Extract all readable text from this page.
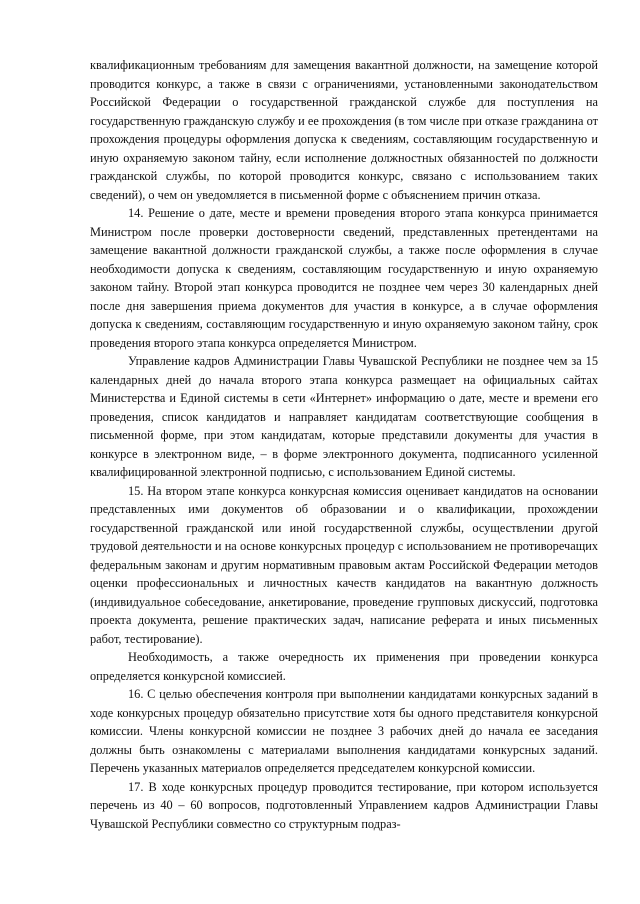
квалификационным требованиям для замещения вакантной должности, на замещение которой проводится конкурс, а также в связи с ограничениями, установленными законодательством Российской Федерации о государственной гражданской службе для поступления на государственную гражданскую службу и ее прохождения (в том числе при отказе гражданина от прохождения процедуры оформления допуска к сведениям, составляющим государственную и иную охраняемую законом тайну, если исполнение должностных обязанностей по должности гражданской службы, по которой проводится конкурс, связано с использованием таких сведений), о чем он уведомляется в письменной форме с объяснением причин отказа.

14. Решение о дате, месте и времени проведения второго этапа конкурса принимается Министром после проверки достоверности сведений, представленных претендентами на замещение вакантной должности гражданской службы, а также после оформления в случае необходимости допуска к сведениям, составляющим государственную и иную охраняемую законом тайну. Второй этап конкурса проводится не позднее чем через 30 календарных дней после дня завершения приема документов для участия в конкурсе, а в случае оформления допуска к сведениям, составляющим государственную и иную охраняемую законом тайну, срок проведения второго этапа конкурса определяется Министром.

Управление кадров Администрации Главы Чувашской Республики не позднее чем за 15 календарных дней до начала второго этапа конкурса размещает на официальных сайтах Министерства и Единой системы в сети «Интернет» информацию о дате, месте и времени его проведения, список кандидатов и направляет кандидатам соответствующие сообщения в письменной форме, при этом кандидатам, которые представили документы для участия в конкурсе в электронном виде, – в форме электронного документа, подписанного усиленной квалифицированной электронной подписью, с использованием Единой системы.

15. На втором этапе конкурса конкурсная комиссия оценивает кандидатов на основании представленных ими документов об образовании и о квалификации, прохождении государственной гражданской или иной государственной службы, осуществлении другой трудовой деятельности и на основе конкурсных процедур с использованием не противоречащих федеральным законам и другим нормативным правовым актам Российской Федерации методов оценки профессиональных и личностных качеств кандидатов на вакантную должность (индивидуальное собеседование, анкетирование, проведение групповых дискуссий, подготовка проекта документа, решение практических задач, написание реферата и иных письменных работ, тестирование).

Необходимость, а также очередность их применения при проведении конкурса определяется конкурсной комиссией.

16. С целью обеспечения контроля при выполнении кандидатами конкурсных заданий в ходе конкурсных процедур обязательно присутствие хотя бы одного представителя конкурсной комиссии. Члены конкурсной комиссии не позднее 3 рабочих дней до начала ее заседания должны быть ознакомлены с материалами выполнения кандидатами конкурсных заданий. Перечень указанных материалов определяется председателем конкурсной комиссии.

17. В ходе конкурсных процедур проводится тестирование, при котором используется перечень из 40 – 60 вопросов, подготовленный Управлением кадров Администрации Главы Чувашской Республики совместно со структурным подраз-
